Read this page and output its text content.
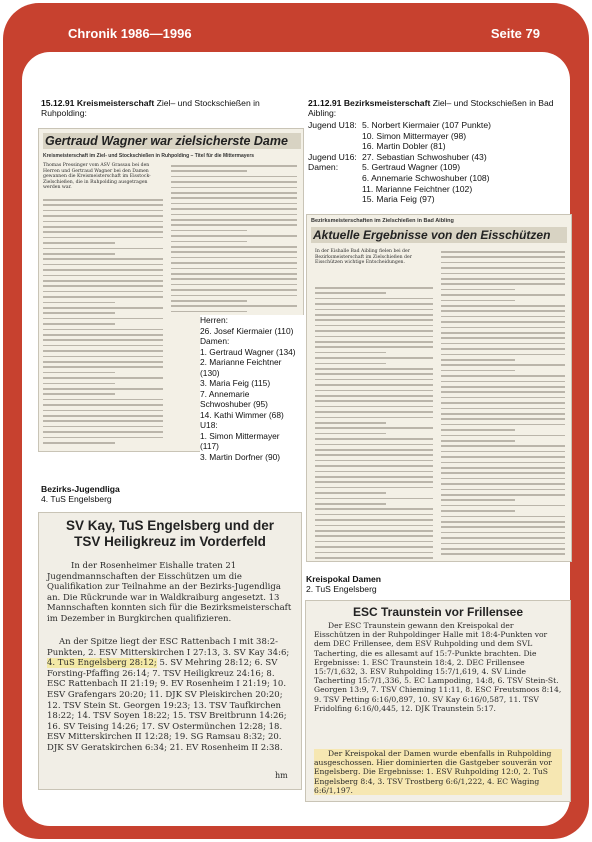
Chronik 1986—1996	Seite 79
15.12.91 Kreismeisterschaft Ziel– und Stockschießen in Ruhpolding:
Gertraud Wagner war zielsicherste Dame
Kreismeisterschaft im Ziel- und Stockschießen in Ruhpolding – Titel für die Mittermayers
Thomas Pressinger vom ASV Grassau bei den Herren und Gertraud Wagner bei den Damen gewannen die Kreismeisterschaft im Eisstock-Zielschießen, die in Ruhpolding ausgetragen werden war.
Herren:
26. Josef Kiermaier (110)
Damen:
1. Gertraud Wagner (134)
2. Marianne Feichtner
(130)
3. Maria Feig (115)
7. Annemarie
Schwoshuber (95)
14. Kathi Wimmer (68)
U18:
1. Simon Mittermayer
(117)
3. Martin Dorfner (90)
Bezirks-Jugendliga
4. TuS Engelsberg
SV Kay, TuS Engelsberg und der
TSV Heiligkreuz im Vorderfeld
In der Rosenheimer Eishalle traten 21 Jugendmannschaften der Eisschützen um die Qualifikation zur Teilnahme an der Bezirks-Jugendliga an. Die Rückrunde war in Waldkraiburg angesetzt. 13 Mannschaften konnten sich für die Bezirksmeisterschaft im Dezember in Burgkirchen qualifizieren.
An der Spitze liegt der ESC Rattenbach I mit 38:2-Punkten, 2. ESV Mitterskirchen I 27:13, 3. SV Kay 34:6; 4. TuS Engelsberg 28:12; 5. SV Mehring 28:12; 6. SV Forsting-Pfaffing 26:14; 7. TSV Heiligkreuz 24:16; 8. ESC Rattenbach II 21:19; 9. EV Rosenheim I 21:19; 10. ESV Grafengars 20:20; 11. DJK SV Pleiskirchen 20:20; 12. TSV Stein St. Georgen 19:23; 13. TSV Taufkirchen 18:22; 14. TSV Soyen 18:22; 15. TSV Breitbrunn 14:26; 16. SV Teising 14:26; 17. SV Ostermünchen 12:28; 18. ESV Mitterskirchen II 12:28; 19. SG Ramsau 8:32; 20. DJK SV Geratskirchen 6:34; 21. EV Rosenheim II 2:38.
hm
21.12.91 Bezirksmeisterschaft Ziel– und Stockschießen in Bad Aibling:
Jugend U18: 5. Norbert Kiermaier (107 Punkte)
10. Simon Mittermayer (98)
16. Martin Dobler (81)
Jugend U16: 27. Sebastian Schwoshuber (43)
Damen:	5. Gertraud Wagner (109)
6. Annemarie Schwoshuber (108)
11. Marianne Feichtner (102)
15. Maria Feig (97)
Bezirksmeisterschaften im Zielschießen in Bad Aibling
Aktuelle Ergebnisse von den Eisschützen
In der Eishalle Bad Aibling fielen bei der Bezirksmeisterschaft im Zielschießen der Eisschützen wichtige Entscheidungen.
Kreispokal Damen
2. TuS Engelsberg
ESC Traunstein vor Frillensee
Der ESC Traunstein gewann den Kreispokal der Eisschützen in der Ruhpoldinger Halle mit 18:4-Punkten vor dem DEC Frillensee, dem ESV Ruhpolding und dem SVL Tacherting, die es allesamt auf 15:7-Punkte brachten. Die Ergebnisse: 1. ESC Traunstein 18:4, 2. DEC Frillensee 15:7/1,632, 3. ESV Ruhpolding 15:7/1,619, 4. SV Linde Tacherting 15:7/1,336, 5. EC Lampoding, 14:8, 6. TSV Stein-St. Georgen 13:9, 7. TSV Chieming 11:11, 8. ESC Freutsmoos 8:14, 9. TSV Petting 6:16/0,897, 10. SV Kay 6:16/0,587, 11. TSV Fridolfing 6:16/0,445, 12. DJK Traunstein 5:17.
Der Kreispokal der Damen wurde ebenfalls in Ruhpolding ausgeschossen. Hier dominierten die Gastgeber souverän vor Engelsberg. Die Ergebnisse: 1. ESV Ruhpolding 12:0, 2. TuS Engelsberg 8:4, 3. TSV Trostberg 6:6/1,222, 4. EC Waging 6:6/1,197.
